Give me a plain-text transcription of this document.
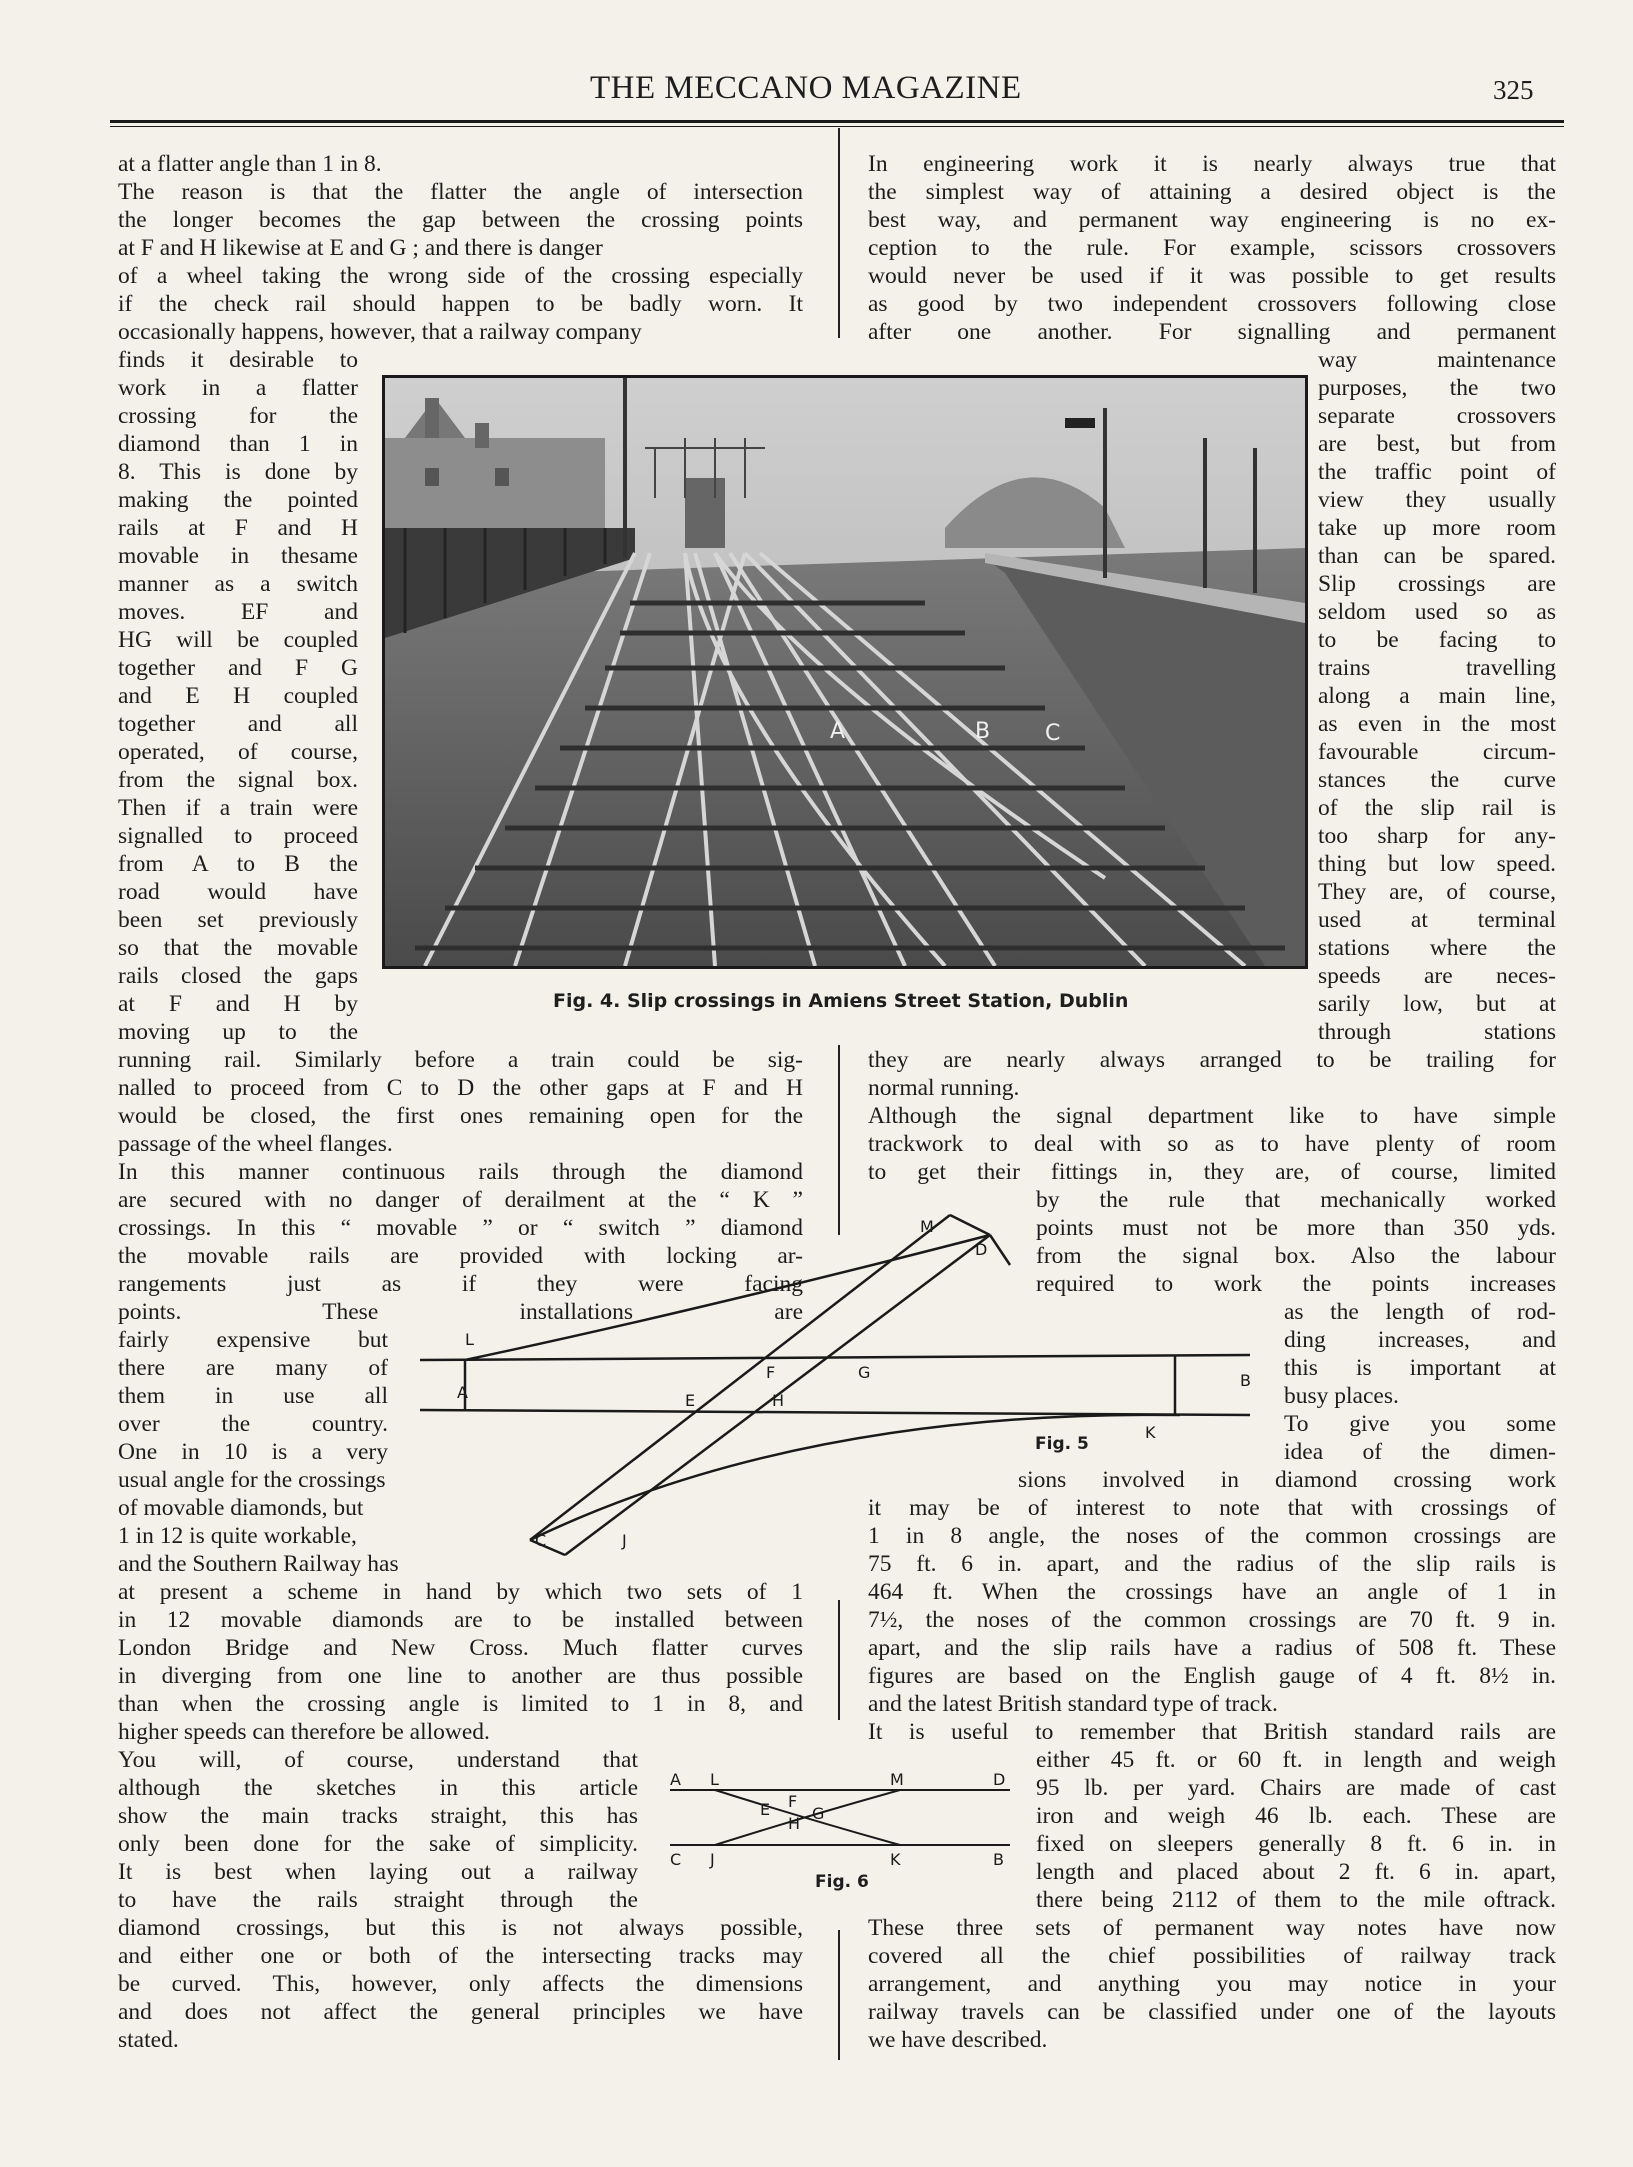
THE MECCANO MAGAZINE	325
at a flatter angle than 1 in 8.
The reason is that the flatter the angle of intersection
the longer becomes the gap between the crossing points
at F and H likewise at E and G ; and there is danger
of a wheel taking the wrong side of the crossing especially
if the check rail should happen to be badly worn. It
occasionally happens, however, that a railway company
finds it desirable to
work in a flatter
crossing for the
diamond than 1 in
8. This is done by
making the pointed
rails at F and H
movable in thesame
manner as a switch
moves. EF and
HG will be coupled
together and F G
and E H coupled
together and all
operated, of course,
from the signal box.
Then if a train were
signalled to proceed
from A to B the
road would have
been set previously
so that the movable
rails closed the gaps
at F and H by
moving up to the
running rail. Similarly before a train could be sig-
nalled to proceed from C to D the other gaps at F and H
would be closed, the first ones remaining open for the
passage of the wheel flanges.
In this manner continuous rails through the diamond
are secured with no danger of derailment at the “ K ”
crossings. In this “ movable ” or “ switch ” diamond
the movable rails are provided with locking ar-
rangements just as if they were facing
points. These installations are
fairly expensive but
there are many of
them in use all
over the country.
One in 10 is a very
usual angle for the crossings
of movable diamonds, but
1 in 12 is quite workable,
and the Southern Railway has
at present a scheme in hand by which two sets of 1
in 12 movable diamonds are to be installed between
London Bridge and New Cross. Much flatter curves
in diverging from one line to another are thus possible
than when the crossing angle is limited to 1 in 8, and
higher speeds can therefore be allowed.
You will, of course, understand that
although the sketches in this article
show the main tracks straight, this has
only been done for the sake of simplicity.
It is best when laying out a railway
to have the rails straight through the
diamond crossings, but this is not always possible,
and either one or both of the intersecting tracks may
be curved. This, however, only affects the dimensions
and does not affect the general principles we have
stated.
In engineering work it is nearly always true that
the simplest way of attaining a desired object is the
best way, and permanent way engineering is no ex-
ception to the rule. For example, scissors crossovers
would never be used if it was possible to get results
as good by two independent crossovers following close
after one another. For signalling and permanent
way maintenance
purposes, the two
separate crossovers
are best, but from
the traffic point of
view they usually
take up more room
than can be spared.
Slip crossings are
seldom used so as
to be facing to
trains travelling
along a main line,
as even in the most
favourable circum-
stances the curve
of the slip rail is
too sharp for any-
thing but low speed.
They are, of course,
used at terminal
stations where the
speeds are neces-
sarily low, but at
through stations
they are nearly always arranged to be trailing for
normal running.
Although the signal department like to have simple
trackwork to deal with so as to have plenty of room
to get their fittings in, they are, of course, limited
by the rule that mechanically worked
points must not be more than 350 yds.
from the signal box. Also the labour
required to work the points increases
as the length of rod-
ding increases, and
this is important at
busy places.
To give you some
idea of the dimen-
sions involved in diamond crossing work
it may be of interest to note that with crossings of
1 in 8 angle, the noses of the common crossings are
75 ft. 6 in. apart, and the radius of the slip rails is
464 ft. When the crossings have an angle of 1 in
7½, the noses of the common crossings are 70 ft. 9 in.
apart, and the slip rails have a radius of 508 ft. These
figures are based on the English gauge of 4 ft. 8½ in.
and the latest British standard type of track.
It is useful to remember that British standard rails are
either 45 ft. or 60 ft. in length and weigh
95 lb. per yard. Chairs are made of cast
iron and weigh 46 lb. each. These are
fixed on sleepers generally 8 ft. 6 in. in
length and placed about 2 ft. 6 in. apart,
there being 2112 of them to the mile oftrack.
These three sets of permanent way notes have now
covered all the chief possibilities of railway track
arrangement, and anything you may notice in your
railway travels can be classified under one of the layouts
we have described.
A	B C
Fig. 4. Slip crossings in Amiens Street Station, Dublin
M
D
L
A
F	G
E	H
B
K
C	J
Fig. 5
A L	M	D
E F
G
H
C J	K	B
Fig. 6
